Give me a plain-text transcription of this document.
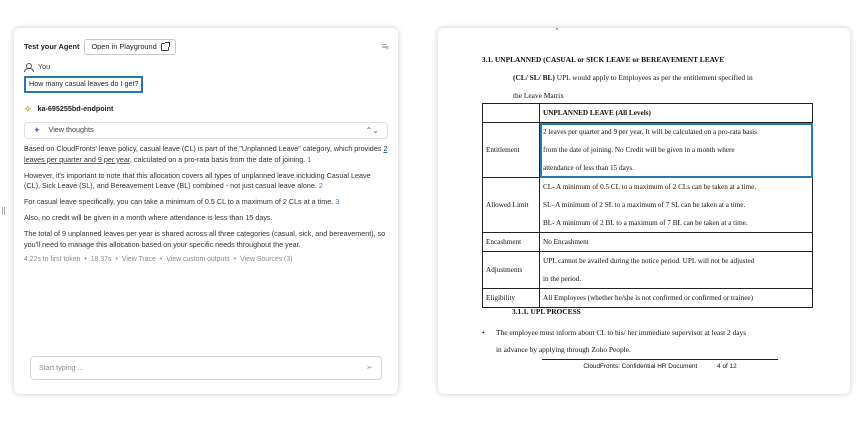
Test your Agent Open in Playground	≡ₓ
You
How many casual leaves do I get?
✧ ka-695255bd-endpoint
✦ View thoughts	⌃⌄
Based on CloudFronts' leave policy, casual leave (CL) is part of the "Unplanned Leave" category, which provides 2 leaves per quarter and 9 per year, calculated on a pro-rata basis from the date of joining. 1
However, it's important to note that this allocation covers all types of unplanned leave including Casual Leave (CL), Sick Leave (SL), and Bereavement Leave (BL) combined - not just casual leave alone. 2
For casual leave specifically, you can take a minimum of 0.5 CL to a maximum of 2 CLs at a time. 3
Also, no credit will be given in a month where attendance is less than 15 days.
The total of 9 unplanned leaves per year is shared across all three categories (casual, sick, and bereavement), so you'll need to manage this allocation based on your specific needs throughout the year.
4.22s to first token • 18.37s • View Trace • View custom outputs • View Sources (3)
Start typing ...	➢
3.1. UNPLANNED (CASUAL or SICK LEAVE or BEREAVEMENT LEAVE
(CL/ SL/ BL) UPL would apply to Employees as per the entitlement specified in
the Leave Matrix
	UNPLANNED LEAVE (All Levels)
Entitlement	2 leaves per quarter and 9 per year. It will be calculated on a pro-rata basis
from the date of joining. No Credit will be given in a month where
attendance of less than 15 days.

Allowed Limit	CL- A minimum of 0.5 CL to a maximum of 2 CLs can be taken at a time.
SL- A minimum of 2 SL to a maximum of 7 SL can be taken at a time.
BL- A minimum of 2 BL to a maximum of 7 BL can be taken at a time.

Encashment	No Encashment
Adjustments	UPL cannot be availed during the notice period. UPL will not be adjusted
in the period.

Eligibility	All Employees (whether he/she is not confirmed or confirmed or trainee)
3.1.1. UPL PROCESS
• The employee must inform about CL to his/ her immediate supervisor at least 2 days
in advance by applying through Zoho People.
CloudFronts: Confidential HR Document	4 of 12
